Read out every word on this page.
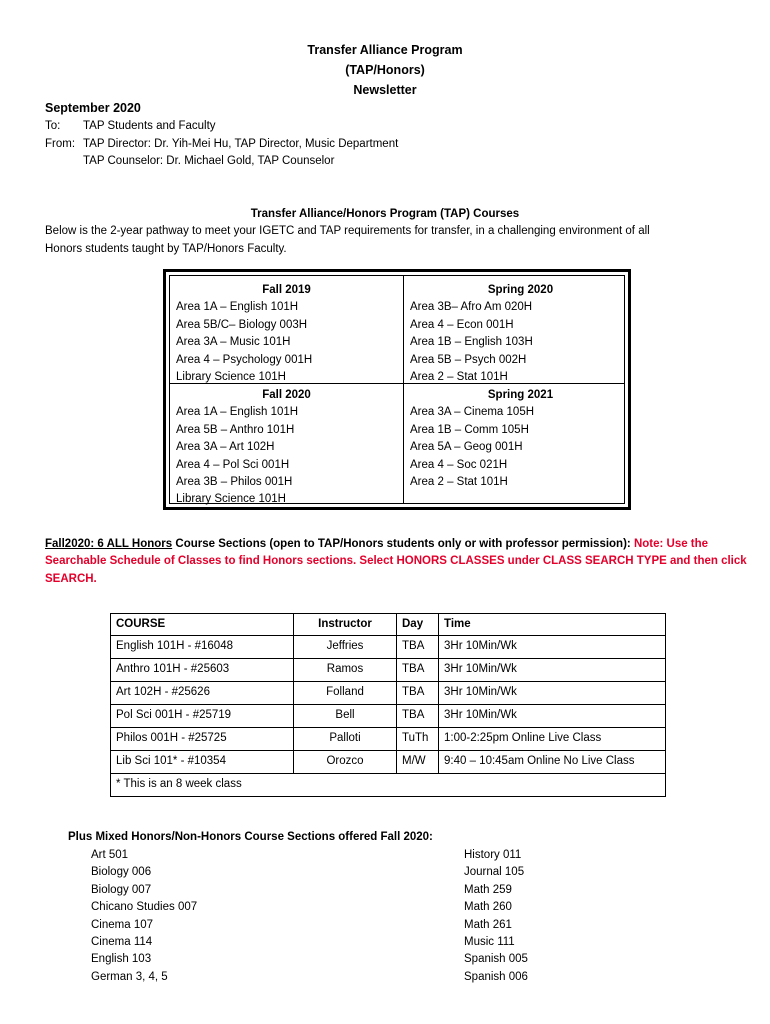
Transfer Alliance Program
(TAP/Honors)
Newsletter
September 2020
To: TAP Students and Faculty
From: TAP Director: Dr. Yih-Mei Hu, TAP Director, Music Department
TAP Counselor: Dr. Michael Gold, TAP Counselor
Transfer Alliance/Honors Program (TAP) Courses
Below is the 2-year pathway to meet your IGETC and TAP requirements for transfer, in a challenging environment of all
Honors students taught by TAP/Honors Faculty.
Fall 2019
Area 1A – English 101H
Area 5B/C– Biology 003H
Area 3A – Music 101H
Area 4 – Psychology 001H
Library Science 101H
Spring 2020
Area 3B– Afro Am 020H
Area 4 – Econ 001H
Area 1B – English 103H
Area 5B – Psych 002H
Area 2 – Stat 101H
Fall 2020
Area 1A – English 101H
Area 5B – Anthro 101H
Area 3A – Art 102H
Area 4 – Pol Sci 001H
Area 3B – Philos 001H
Library Science 101H
Spring 2021
Area 3A – Cinema 105H
Area 1B – Comm 105H
Area 5A – Geog 001H
Area 4 – Soc 021H
Area 2 – Stat 101H
Fall2020: 6 ALL Honors Course Sections (open to TAP/Honors students only or with professor permission): Note: Use the
Searchable Schedule of Classes to find Honors sections. Select HONORS CLASSES under CLASS SEARCH TYPE and then click
SEARCH.
COURSE	Instructor	Day	Time
English 101H - #16048	Jeffries	TBA	3Hr 10Min/Wk
Anthro 101H - #25603	Ramos	TBA	3Hr 10Min/Wk
Art 102H - #25626	Folland	TBA	3Hr 10Min/Wk
Pol Sci 001H - #25719	Bell	TBA	3Hr 10Min/Wk
Philos 001H - #25725	Palloti	TuTh	1:00-2:25pm Online Live Class
Lib Sci 101* - #10354	Orozco	M/W	9:40 – 10:45am Online No Live Class
* This is an 8 week class			
Plus Mixed Honors/Non-Honors Course Sections offered Fall 2020:
Art 501
Biology 006
Biology 007
Chicano Studies 007
Cinema 107
Cinema 114
English 103
German 3, 4, 5
History 011
Journal 105
Math 259
Math 260
Math 261
Music 111
Spanish 005
Spanish 006
